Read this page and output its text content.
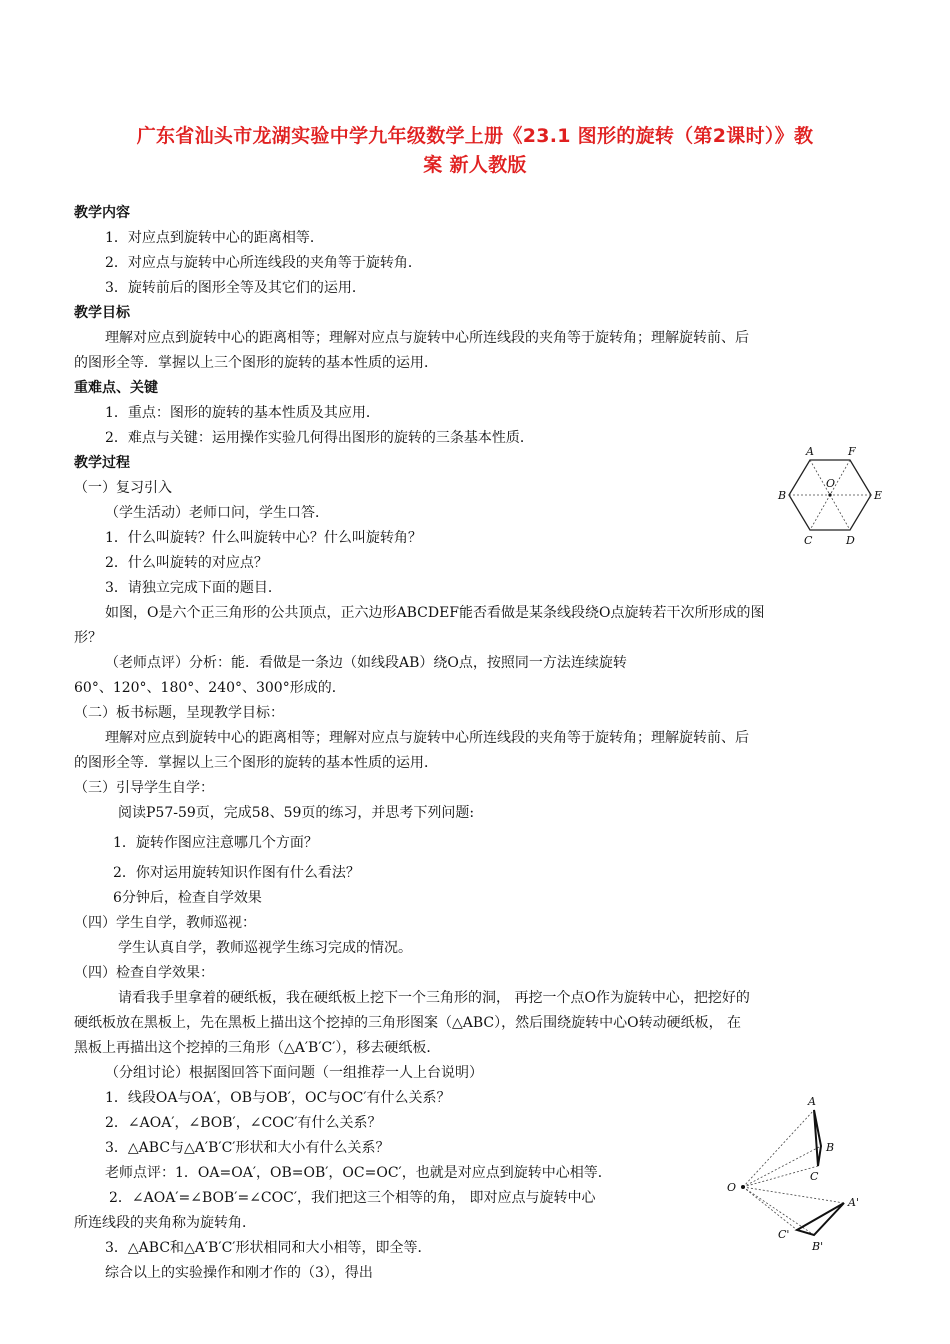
广东省汕头市龙湖实验中学九年级数学上册《23.1 图形的旋转（第2课时）》教
案 新人教版
教学内容
1．对应点到旋转中心的距离相等．
2．对应点与旋转中心所连线段的夹角等于旋转角．
3．旋转前后的图形全等及其它们的运用．
教学目标
理解对应点到旋转中心的距离相等；理解对应点与旋转中心所连线段的夹角等于旋转角；理解旋转前、后
的图形全等．掌握以上三个图形的旋转的基本性质的运用．
重难点、关键
1．重点：图形的旋转的基本性质及其应用．
2．难点与关键：运用操作实验几何得出图形的旋转的三条基本性质．
教学过程
（一）复习引入
（学生活动）老师口问，学生口答．
1．什么叫旋转？什么叫旋转中心？什么叫旋转角？
2．什么叫旋转的对应点？
3．请独立完成下面的题目．
如图，O是六个正三角形的公共顶点，正六边形ABCDEF能否看做是某条线段绕O点旋转若干次所形成的图
形？
（老师点评）分析：能．看做是一条边（如线段AB）绕O点，按照同一方法连续旋转
60°、120°、180°、240°、300°形成的．
（二）板书标题，呈现教学目标：
理解对应点到旋转中心的距离相等；理解对应点与旋转中心所连线段的夹角等于旋转角；理解旋转前、后
的图形全等．掌握以上三个图形的旋转的基本性质的运用．
（三）引导学生自学：
阅读P57-59页，完成58、59页的练习，并思考下列问题:
1．旋转作图应注意哪几个方面？
2．你对运用旋转知识作图有什么看法？
6分钟后，检查自学效果
（四）学生自学，教师巡视：
学生认真自学，教师巡视学生练习完成的情况。
（四）检查自学效果：
请看我手里拿着的硬纸板，我在硬纸板上挖下一个三角形的洞， 再挖一个点O作为旋转中心，把挖好的
硬纸板放在黑板上，先在黑板上描出这个挖掉的三角形图案（△ABC），然后围绕旋转中心O转动硬纸板， 在
黑板上再描出这个挖掉的三角形（△A′B′C′），移去硬纸板．
（分组讨论）根据图回答下面问题（一组推荐一人上台说明）
1．线段OA与OA′，OB与OB′，OC与OC′有什么关系？
2．∠AOA′，∠BOB′，∠COC′有什么关系？
3．△ABC与△A′B′C′形状和大小有什么关系？
老师点评：1．OA=OA′，OB=OB′，OC=OC′，也就是对应点到旋转中心相等．
2．∠AOA′=∠BOB′=∠COC′，我们把这三个相等的角， 即对应点与旋转中心
所连线段的夹角称为旋转角．
3．△ABC和△A′B′C′形状相同和大小相等，即全等．
综合以上的实验操作和刚才作的（3），得出
A	F
O
B	E
C	D
A
B
C
O
A'
C'
B'
